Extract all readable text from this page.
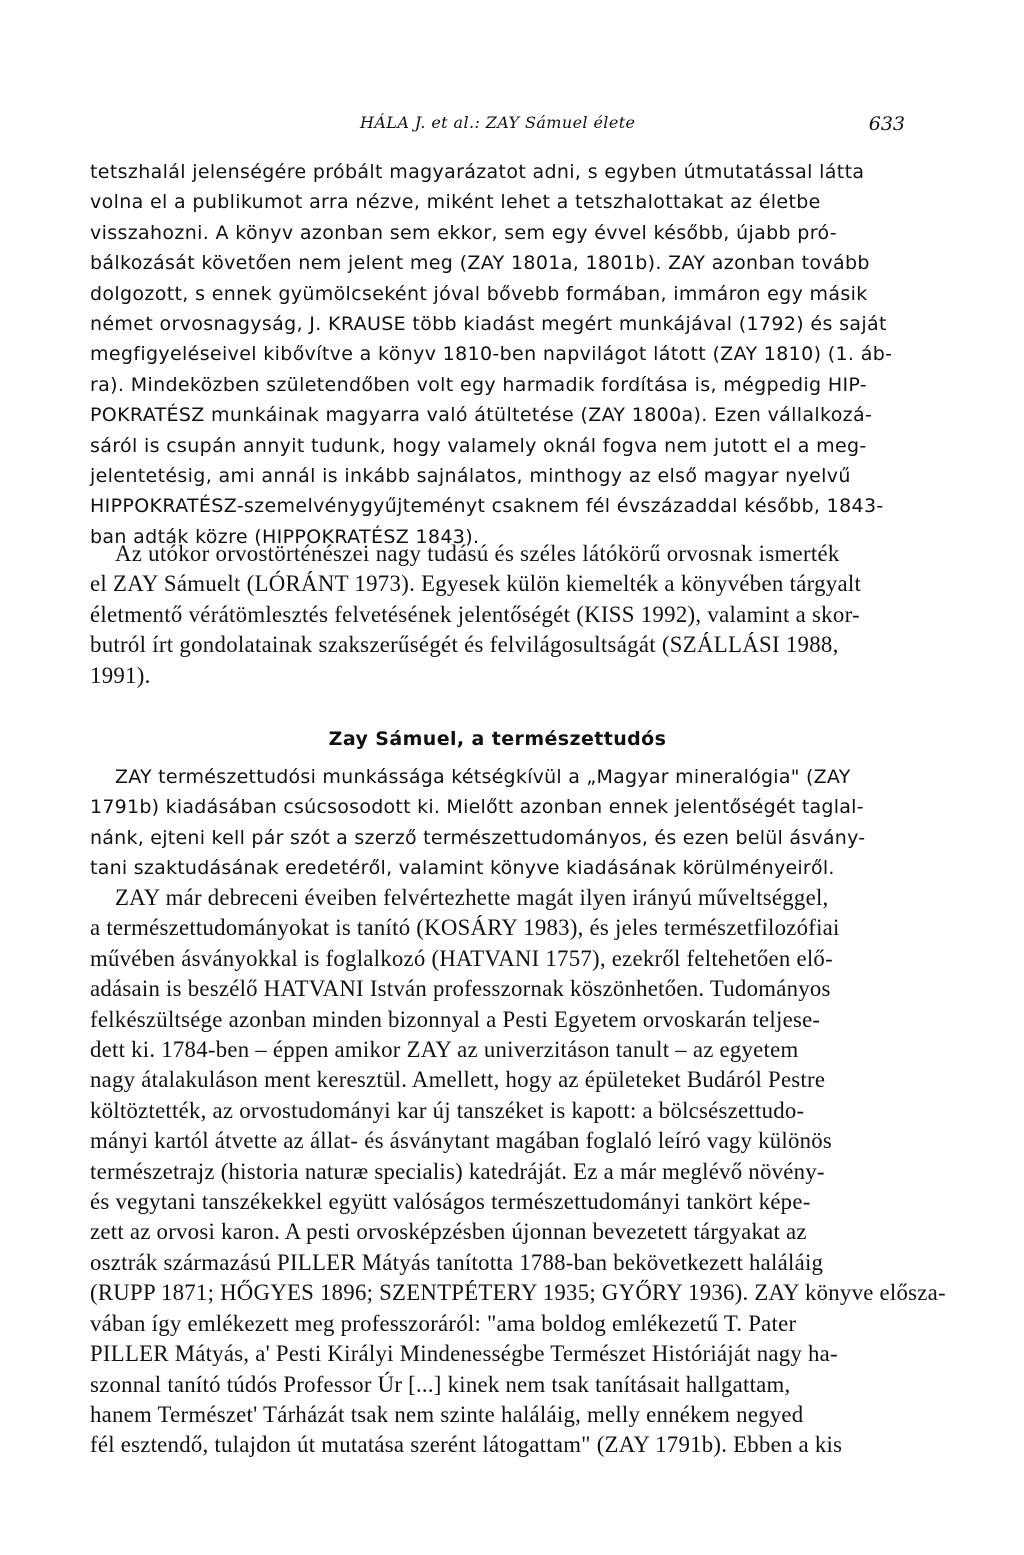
HÁLA J. et al.: ZAY Sámuel élete	633

tetszhalál jelenségére próbált magyarázatot adni, s egyben útmutatással látta
volna el a publikumot arra nézve, miként lehet a tetszhalottakat az életbe
visszahozni. A könyv azonban sem ekkor, sem egy évvel később, újabb pró-
bálkozását követően nem jelent meg (ZAY 1801a, 1801b). ZAY azonban tovább
dolgozott, s ennek gyümölcseként jóval bővebb formában, immáron egy másik
német orvosnagyság, J. KRAUSE több kiadást megért munkájával (1792) és saját
megfigyeléseivel kibővítve a könyv 1810-ben napvilágot látott (ZAY 1810) (1. áb-
ra). Mindeközben születendőben volt egy harmadik fordítása is, mégpedig HIP-
POKRATÉSZ munkáinak magyarra való átültetése (ZAY 1800a). Ezen vállalkozá-
sáról is csupán annyit tudunk, hogy valamely oknál fogva nem jutott el a meg-
jelentetésig, ami annál is inkább sajnálatos, minthogy az első magyar nyelvű
HIPPOKRATÉSZ-szemelvénygyűjteményt csaknem fél évszázaddal később, 1843-
ban adták közre (HIPPOKRATÉSZ 1843).

Az utókor orvostörténészei nagy tudású és széles látókörű orvosnak ismerték
el ZAY Sámuelt (LÓRÁNT 1973). Egyesek külön kiemelték a könyvében tárgyalt
életmentő vérátömlesztés felvetésének jelentőségét (KISS 1992), valamint a skor-
butról írt gondolatainak szakszerűségét és felvilágosultságát (SZÁLLÁSI 1988,
1991).

Zay Sámuel, a természettudós

ZAY természettudósi munkássága kétségkívül a „Magyar mineralógia" (ZAY
1791b) kiadásában csúcsosodott ki. Mielőtt azonban ennek jelentőségét taglal-
nánk, ejteni kell pár szót a szerző természettudományos, és ezen belül ásvány-
tani szaktudásának eredetéről, valamint könyve kiadásának körülményeiről.

ZAY már debreceni éveiben felvértezhette magát ilyen irányú műveltséggel,
a természettudományokat is tanító (KOSÁRY 1983), és jeles természetfilozófiai
művében ásványokkal is foglalkozó (HATVANI 1757), ezekről feltehetően elő-
adásain is beszélő HATVANI István professzornak köszönhetően. Tudományos
felkészültsége azonban minden bizonnyal a Pesti Egyetem orvoskarán teljese-
dett ki. 1784-ben – éppen amikor ZAY az univerzitáson tanult – az egyetem
nagy átalakuláson ment keresztül. Amellett, hogy az épületeket Budáról Pestre
költöztették, az orvostudományi kar új tanszéket is kapott: a bölcsészettudo-
mányi kartól átvette az állat- és ásványtant magában foglaló leíró vagy különös
természetrajz (historia naturæ specialis) katedráját. Ez a már meglévő növény-
és vegytani tanszékekkel együtt valóságos természettudományi tankört képe-
zett az orvosi karon. A pesti orvosképzésben újonnan bevezetett tárgyakat az
osztrák származású PILLER Mátyás tanította 1788-ban bekövetkezett haláláig
(RUPP 1871; HŐGYES 1896; SZENTPÉTERY 1935; GYŐRY 1936). ZAY könyve elősza-
vában így emlékezett meg professzoráról: "ama boldog emlékezetű T. Pater
PILLER Mátyás, a' Pesti Királyi Mindenességbe Természet Históriáját nagy ha-
szonnal tanító túdós Professor Úr [...] kinek nem tsak tanításait hallgattam,
hanem Természet' Tárházát tsak nem szinte haláláig, melly ennékem negyed
fél esztendő, tulajdon út mutatása szerént látogattam" (ZAY 1791b). Ebben a kis
